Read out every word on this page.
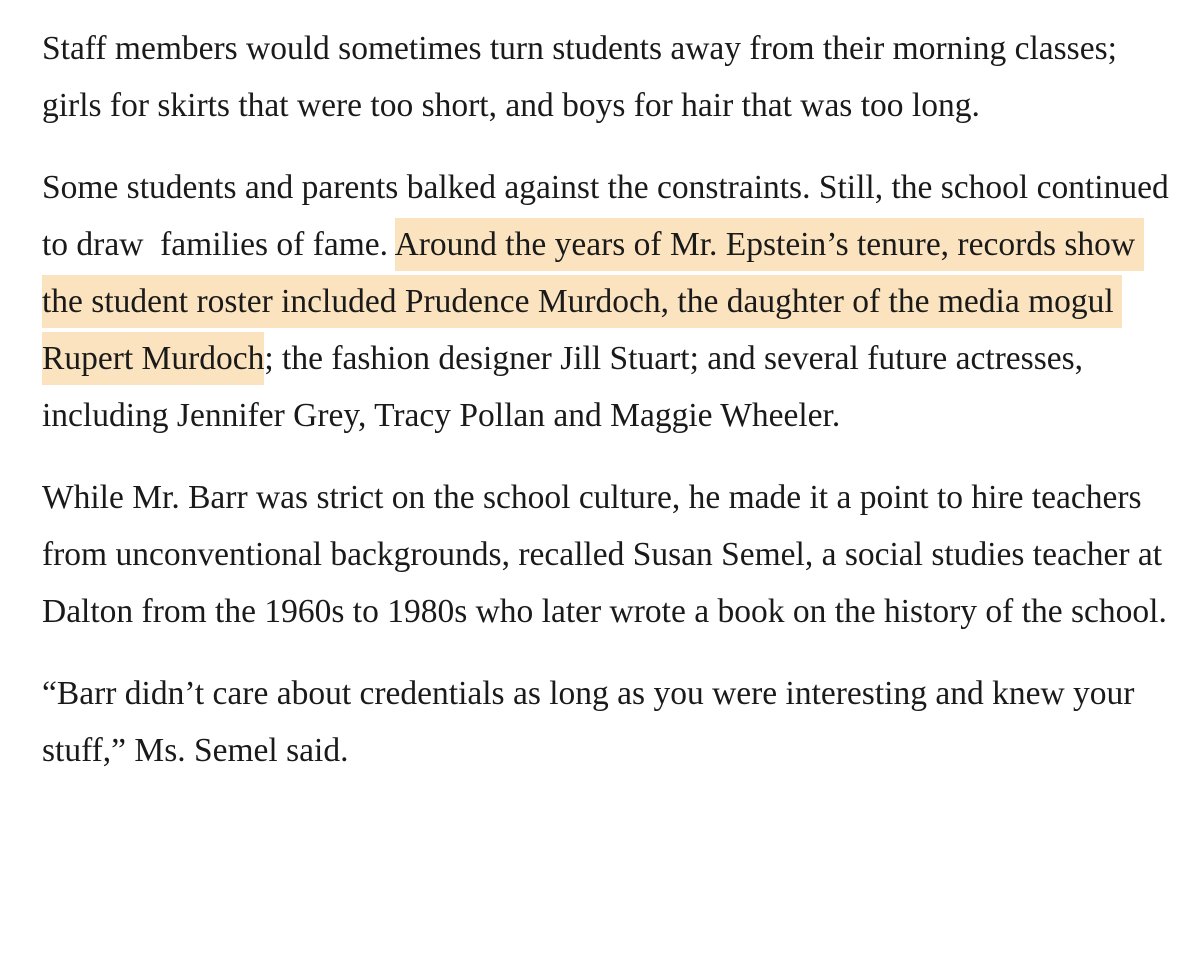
Staff members would sometimes turn students away from their morning classes; girls for skirts that were too short, and boys for hair that was too long.

Some students and parents balked against the constraints. Still, the school continued to draw  families of fame. Around the years of Mr. Epstein’s tenure, records show the student roster included Prudence Murdoch, the daughter of the media mogul Rupert Murdoch; the fashion designer Jill Stuart; and several future actresses, including Jennifer Grey, Tracy Pollan and Maggie Wheeler.

While Mr. Barr was strict on the school culture, he made it a point to hire teachers from unconventional backgrounds, recalled Susan Semel, a social studies teacher at Dalton from the 1960s to 1980s who later wrote a book on the history of the school.

“Barr didn’t care about credentials as long as you were interesting and knew your stuff,” Ms. Semel said.
